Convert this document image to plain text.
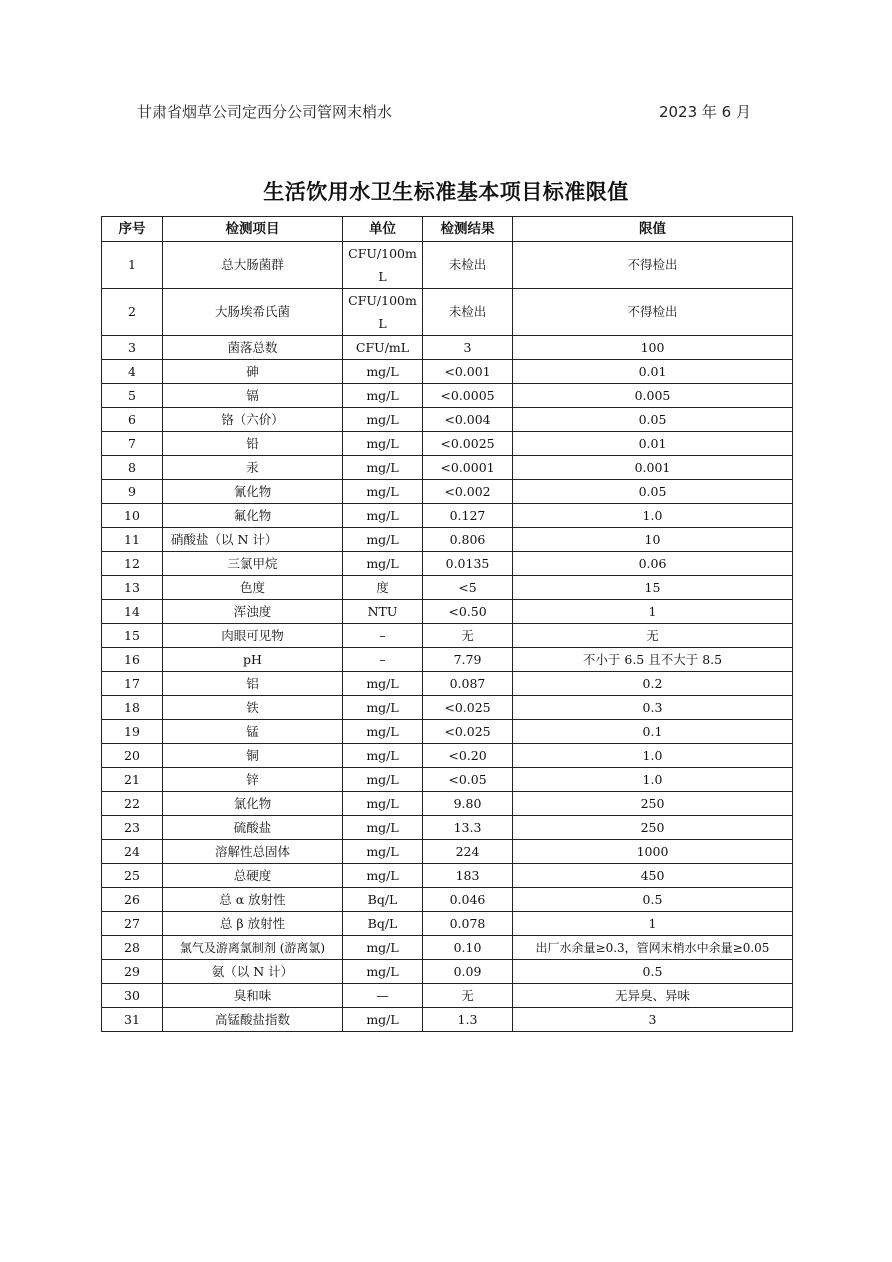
甘肃省烟草公司定西分公司管网末梢水	2023 年 6 月
生活饮用水卫生标准基本项目标准限值
序号	检测项目	单位	检测结果	限值
1	总大肠菌群	CFU/100mL	未检出	不得检出
2	大肠埃希氏菌	CFU/100mL	未检出	不得检出
3	菌落总数	CFU/mL	3	100
4	砷	mg/L	<0.001	0.01
5	镉	mg/L	<0.0005	0.005
6	铬（六价）	mg/L	<0.004	0.05
7	铅	mg/L	<0.0025	0.01
8	汞	mg/L	<0.0001	0.001
9	氰化物	mg/L	<0.002	0.05
10	氟化物	mg/L	0.127	1.0
11	硝酸盐（以 N 计）	mg/L	0.806	10
12	三氯甲烷	mg/L	0.0135	0.06
13	色度	度	<5	15
14	浑浊度	NTU	<0.50	1
15	肉眼可见物	–	无	无
16	pH	–	7.79	不小于 6.5 且不大于 8.5
17	铝	mg/L	0.087	0.2
18	铁	mg/L	<0.025	0.3
19	锰	mg/L	<0.025	0.1
20	铜	mg/L	<0.20	1.0
21	锌	mg/L	<0.05	1.0
22	氯化物	mg/L	9.80	250
23	硫酸盐	mg/L	13.3	250
24	溶解性总固体	mg/L	224	1000
25	总硬度	mg/L	183	450
26	总 α 放射性	Bq/L	0.046	0.5
27	总 β 放射性	Bq/L	0.078	1
28	氯气及游离氯制剂 (游离氯)	mg/L	0.10	出厂水余量≥0.3，管网末梢水中余量≥0.05
29	氨（以 N 计）	mg/L	0.09	0.5
30	臭和味	—	无	无异臭、异味
31	高锰酸盐指数	mg/L	1.3	3
